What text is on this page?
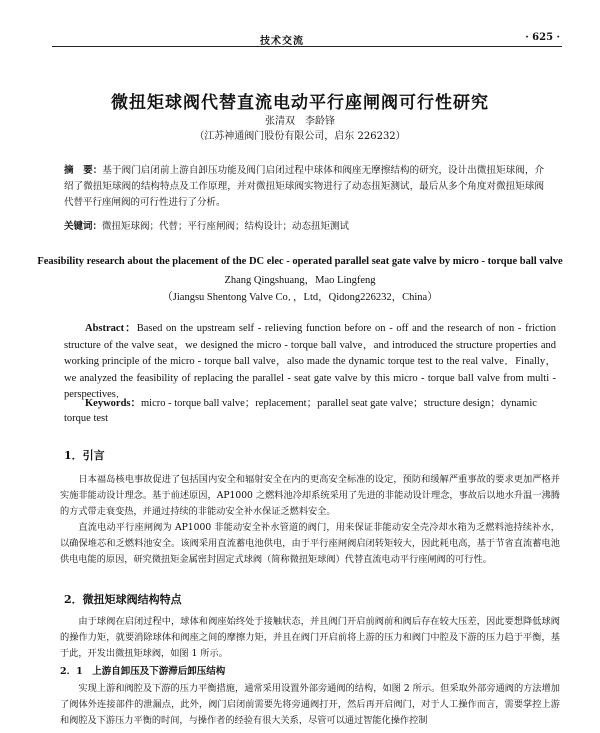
技术交流	· 625 ·
微扭矩球阀代替直流电动平行座闸阀可行性研究
张清双　李龄锋
（江苏神通阀门股份有限公司，启东 226232）
摘　要：基于阀门启闭前上游自卸压功能及阀门启闭过程中球体和阀座无摩擦结构的研究，设计出微扭矩球阀，介绍了微扭矩球阀的结构特点及工作原理，并对微扭矩球阀实物进行了动态扭矩测试，最后从多个角度对微扭矩球阀代替平行座闸阀的可行性进行了分析。
关键词：微扭矩球阀；代替；平行座闸阀；结构设计；动态扭矩测试
Feasibility research about the placement of the DC elec - operated parallel seat gate valve by micro - torque ball valve
Zhang Qingshuang，Mao Lingfeng
（Jiangsu Shentong Valve Co．，Ltd，Qidong226232，China）
Abstract：Based on the upstream self - relieving function before on - off and the research of non - friction structure of the valve seat，we designed the micro - torque ball valve，and introduced the structure properties and working principle of the micro - torque ball valve，also made the dynamic torque test to the real valve．Finally，we analyzed the feasibility of replacing the parallel - seat gate valve by this micro - torque ball valve from multi - perspectives．
Keywords：micro - torque ball valve；replacement；parallel seat gate valve；structure design；dynamic torque test
1．引言
日本福岛核电事故促进了包括国内安全和辐射安全在内的更高安全标准的设定，预防和缓解严重事故的要求更加严格并实施非能动设计理念。基于前述原因，AP1000 之燃料池冷却系统采用了先进的非能动设计理念，事故后以地水升温一沸腾的方式带走衰变热，并通过持续的非能动安全补水保证乏燃料安全。
直流电动平行座闸阀为 AP1000 非能动安全补水管道的阀门，用来保证非能动安全壳冷却水箱为乏燃料池持续补水，以确保堆芯和乏燃料池安全。该阀采用直流蓄电池供电，由于平行座闸阀启闭转矩较大，因此耗电高，基于节省直流蓄电池供电电能的原因，研究微扭矩金属密封固定式球阀（简称微扭矩球阀）代替直流电动平行座闸阀的可行性。
2．微扭矩球阀结构特点
由于球阀在启闭过程中，球体和阀座始终处于接触状态，并且阀门开启前阀前和阀后存在较大压差，因此要想降低球阀的操作力矩，就要消除球体和阀座之间的摩擦力矩，并且在阀门开启前将上游的压力和阀门中腔及下游的压力趋于平衡，基于此，开发出微扭矩球阀，如图 1 所示。
2．1　上游自卸压及下游滞后卸压结构
实现上游和阀腔及下游的压力平衡措施，通常采用设置外部旁通阀的结构，如图 2 所示。但采取外部旁通阀的方法增加了阀体外连接部件的泄漏点，此外，阀门启闭前需要先将旁通阀打开，然后再开启阀门，对于人工操作而言，需要掌控上游和阀腔及下游压力平衡的时间，与操作者的经验有很大关系，尽管可以通过智能化操作控制
